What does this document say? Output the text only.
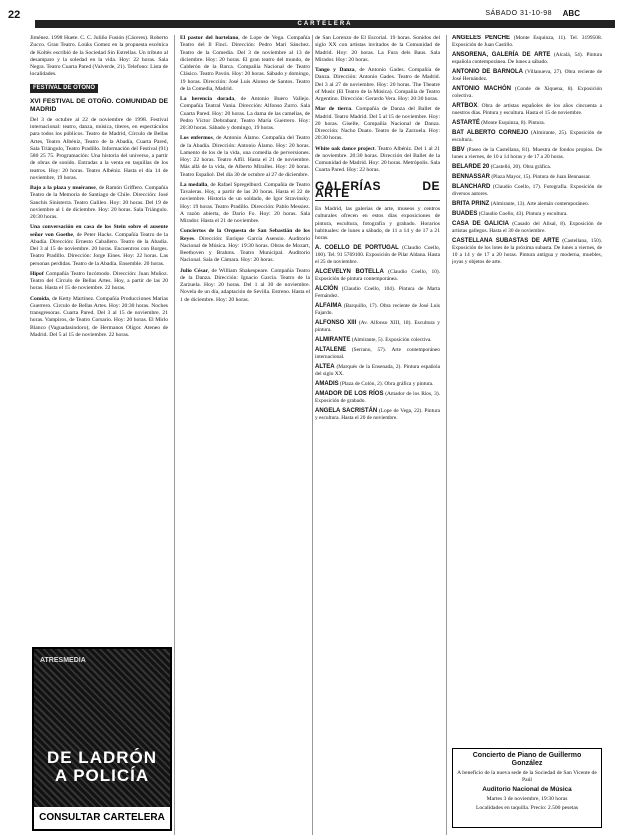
22	SÁBADO 31-10-98 ABC
CARTELERA

Jiménez. 1998 Huete. C. C. Juliño Fusión (Cáceres). Roberto Zucco. Gran Teatro. Loúks Gomez en la propuesta escénica de Koltès escribió de la Sociedad Sin Estrellas. Un tributo al desamparo y la soledad en la vida. Hoy: 22 horas. Sala Negra. Teatro Cuarta Pared (Valverde, 21). Telefono: Lista de localidades.

FESTIVAL DE OTOÑO
XVI FESTIVAL DE OTOÑO. COMUNIDAD DE MADRID

Del 3 de octubre al 22 de noviembre de 1998. Festival internacional: teatro, danza, música, títeres, en espectáculos para todos los públicos. Teatro de Madrid, Círculo de Bellas Artes, Teatro Albéniz, Teatro de la Abadía, Cuarta Pared, Sala Triángulo, Teatro Pradillo. Información del Festival (91) 580 25 75. Programación: Una historia del universo, a partir de obras de sonido. Entradas a la venta en taquillas de los teatros. Hoy: 20 horas. Teatro Albéniz. Hasta el día 14 de noviembre, 19 horas.

Bajo a la plaza y muéranse, de Ramón Griffero. Compañía Teatro de la Memoria de Santiago de Chile. Dirección: José Sanchis Sinisterra. Teatro Galileo. Hoy: 20 horas. Del 19 de noviembre al 1 de diciembre. Hoy: 20 horas. Sala Triángulo. 20:30 horas.

Una conversación en casa de los Stein sobre el ausente señor von Goethe, de Peter Hacks. Compañía Teatro de la Abadía. Dirección: Ernesto Caballero. Teatro de la Abadía. Del 3 al 15 de noviembre. 20 horas. Encuentros con Borges. Teatro Pradillo. Dirección: Jorge Eines. Hoy: 22 horas. Las personas perdidas. Teatro de la Abadía. Ensemble. 20 horas.

Hipof Compañía Teatro Incómodo. Dirección: Juan Muñoz. Teatro del Círculo de Bellas Artes. Hoy, a partir de las 20 horas. Hasta el 15 de noviembre. 22 horas.

Comida, de Ketty Martínez. Compañía Producciones Marías Guerrero. Circulo de Bellas Artes. Hoy: 20:30 horas. Noches transgresoras. Cuarta Pared. Del 3 al 15 de noviembre. 21 horas. Vampiros, de Teatro Corsario. Hoy: 20 horas. El Mirlo Blanco (Vaguadasindoro), de Hermanos Oligor. Ateneo de Madrid. Del 5 al 15 de noviembre. 22 horas.

El pastor del hortelano, de Lope de Vega. Compañía Teatro del Il Finci. Dirección: Pedro Mari Sánchez. Teatro de la Comedia. Del 3 de noviembre al 13 de diciembre. Hoy: 20 horas. El gran teatro del mundo, de Calderón de la Barca. Compañía Nacional de Teatro Clásico. Teatro Pavón. Hoy: 20 horas. Sábado y domingo, 19 horas. Dirección: José Luis Alonso de Santos. Teatro de la Comedia, Madrid.

La herencia dorada, de Antonio Buero Vallejo. Compañía Teatral Vania. Dirección: Alfonso Zurro. Sala Cuarta Pared. Hoy: 20 horas. La dama de las camelias, de Pedro Víctor Debrabant. Teatro María Guerrero. Hoy: 20:30 horas. Sábado y domingo, 19 horas.

Los enfermos, de Antonio Álamo. Compañía del Teatro de la Abadía. Dirección: Antonio Álamo. Hoy: 20 horas. Lamento de los de la vida, una comedia de perversiones. Hoy: 22 horas. Teatro Alfil. Hasta el 21 de noviembre. Más allá de la vida, de Alberto Miralles. Hoy: 20 horas. Teatro Español. Del día 30 de octubre al 27 de diciembre.

La medalla, de Rafael Spregelburd. Compañía de Teatro Tavaleras. Hoy, a partir de las 20 horas. Hasta el 22 de noviembre. Historia de un soldado, de Igor Stravinsky. Hoy: 19 horas. Teatro Pradillo. Dirección: Pablo Messiez. A razón abierta, de Darío Fo. Hoy: 20 horas. Sala Mirador. Hasta el 21 de noviembre.

Conciertos de la Orquesta de San Sebastián de los Reyes. Dirección: Enrique García Asensio. Auditorio Nacional de Música. Hoy: 19:30 horas. Obras de Mozart, Beethoven y Brahms. Teatro Municipal. Auditorio Nacional. Sala de Cámara. Hoy: 20 horas.

Julio César, de William Shakespeare. Compañía Teatro de la Danza. Dirección: Ignacio García. Teatro de la Zarzuela. Hoy: 20 horas. Del 1 al 30 de noviembre. Novela de un día, adaptación de Sevilla. Estreno. Hasta el 1 de diciembre. Hoy: 20 horas.

de San Lorenzo de El Escorial. 19 horas. Sonidos del siglo XX con artistas invitados de la Comunidad de Madrid. Hoy: 20 horas. La Fura dels Baus. Sala Mirador. Hoy: 20 horas.

Tango y Danza, de Antonio Gades. Compañía de Danza. Dirección: Antonio Gades. Teatro de Madrid. Del 3 al 27 de noviembre. Hoy: 20 horas. The Theatre of Music (El Teatro de la Música). Compañía de Teatro Argentino. Dirección: Gerardo Vera. Hoy: 20:30 horas.

Mar de tierra. Compañía de Danza del Ballet de Madrid. Teatro Madrid. Del 5 al 15 de noviembre. Hoy: 20 horas. Giselle, Compañía Nacional de Danza. Dirección: Nacho Duato. Teatro de la Zarzuela. Hoy: 20:30 horas.

White oak dance project. Teatro Albéniz. Del 1 al 21 de noviembre. 20:30 horas. Dirección del Ballet de la Comunidad de Madrid. Hoy: 20 horas. Metrópolis. Sala Cuarta Pared. Hoy: 22 horas.

GALERÍAS DE ARTE

En Madrid, las galerías de arte, museos y centros culturales ofrecen en estos días exposiciones de pintura, escultura, fotografía y grabado. Horarios habituales: de lunes a sábado, de 11 a 14 y de 17 a 21 horas.

A. COELLO DE PORTUGAL (Claudio Coello, 100). Tel. 91 5769100. Exposición de Pilar Aldana. Hasta el 25 de noviembre.

ALCEVELYN BOTELLA (Claudio Coello, 10). Exposición de pintura contemporánea.

ALCIÓN (Claudio Coello, 104). Pintura de Marta Fernández.

ALFAIMA (Barquillo, 17). Obra reciente de José Luis Fajardo.

ALFONSO XIII (Av. Alfonso XIII, 18). Escultura y pintura.

ALMIRANTE (Almirante, 5). Exposición colectiva.

ALTALENE (Serrano, 57). Arte contemporáneo internacional.

ALTEA (Marqués de la Ensenada, 2). Pintura española del siglo XX.

AMADIS (Plaza de Colón, 2). Obra gráfica y pintura.

AMADOR DE LOS RÍOS (Amador de los Ríos, 3). Exposición de grabado.

ANGELA SACRISTÁN (Lope de Vega, 22). Pintura y escultura. Hasta el 20 de noviembre.

ANGELES PENCHE (Monte Esquinza, 11). Tel. 3199508. Exposición de Juan Castillo.

ANSORENA, GALERÍA DE ARTE (Alcalá, 54). Pintura española contemporánea. De lunes a sábado.

ANTONIO DE BARNOLA (Villanueva, 27). Obra reciente de José Hernández.

ANTONIO MACHÓN (Conde de Xiquena, 8). Exposición colectiva.

ARTBOX. Obra de artistas españoles de los años cincuenta a nuestros días. Pintura y escultura. Hasta el 15 de noviembre.

ASTARTÉ (Monte Esquinza, 8). Pintura.

BAT ALBERTO CORNEJO (Almirante, 25). Exposición de escultura.

BBV (Paseo de la Castellana, 81). Muestra de fondos propios. De lunes a viernes, de 10 a 14 horas y de 17 a 20 horas.

BELARDE 20 (Castelló, 20). Obra gráfica.

BENNASSAR (Plaza Mayor, 15). Pintura de Juan Bennassar.

BLANCHARD (Claudio Coello, 17). Fotografía. Exposición de diversos autores.

BRITA PRINZ (Almirante, 13). Arte alemán contemporáneo.

BUADES (Claudio Coello, 43). Pintura y escultura.

CASA DE GALICIA (Casado del Alisal, 8). Exposición de artistas gallegos. Hasta el 30 de noviembre.

CASTELLANA SUBASTAS DE ARTE (Castellana, 150). Exposición de los lotes de la próxima subasta. De lunes a viernes, de 10 a 14 y de 17 a 20 horas. Pintura antigua y moderna, muebles, joyas y objetos de arte.

ATRESMEDIA
DE LADRÓN A POLICÍA
CONSULTAR CARTELERA
Concierto de Piano de Guillermo González
A beneficio de la nueva sede de la Sociedad de San Vicente de Paúl
Auditorio Nacional de Música
Martes 3 de noviembre, 19:30 horas
Localidades en taquilla. Precio: 2.500 pesetas
